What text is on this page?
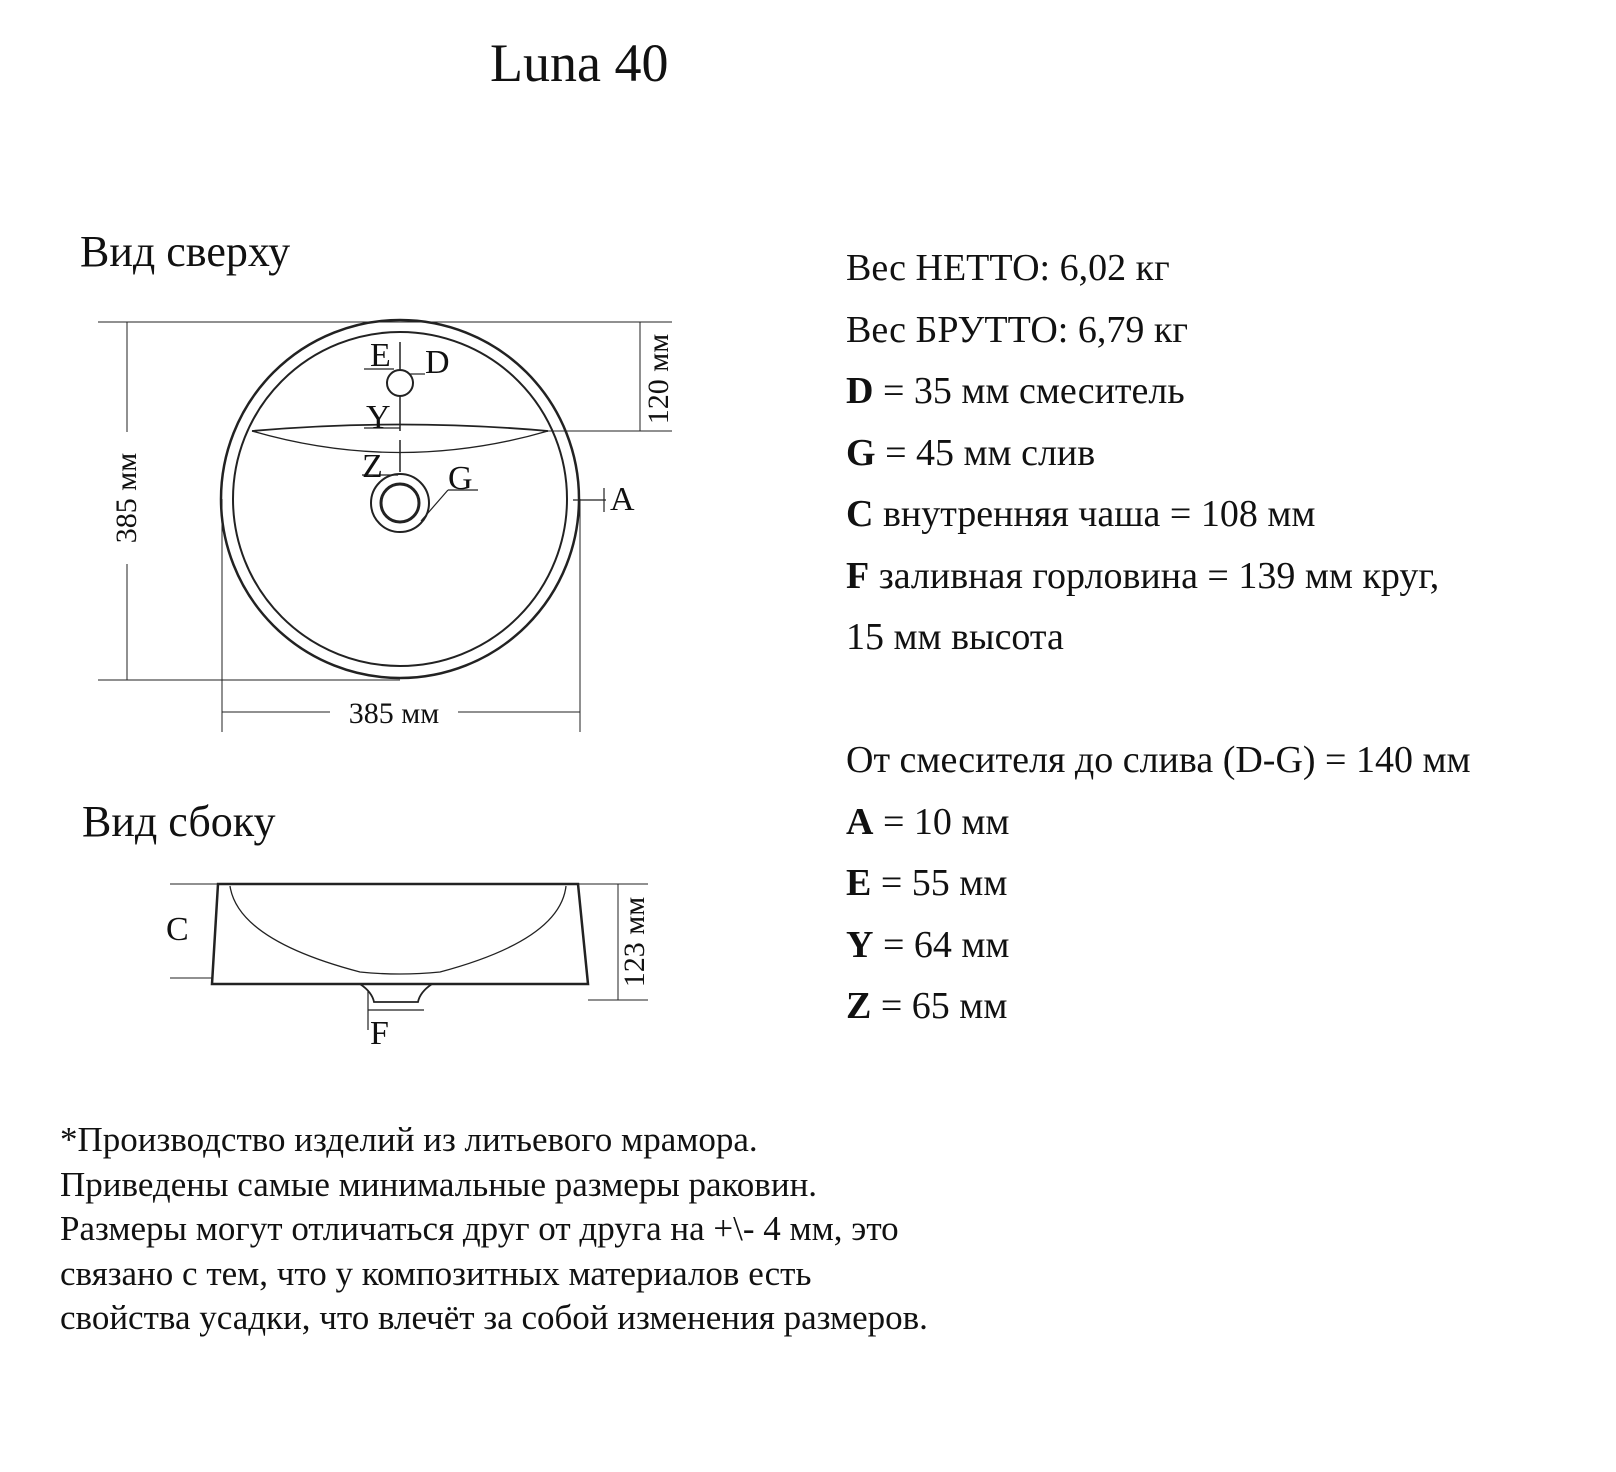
Luna 40
Вид сверху
Вид сбоку
E D
Y
Z G
A
385 мм
385 мм
120 мм
C
F
123 мм
Вес НЕТТО: 6,02 кг
Вес БРУТТО: 6,79 кг
D = 35 мм смеситель
G = 45 мм слив
C внутренняя чаша = 108 мм
F заливная горловина = 139 мм круг,
15 мм высота
От смесителя до слива (D-G) = 140 мм
A = 10 мм
E = 55 мм
Y = 64 мм
Z = 65 мм
*Производство изделий из литьевого мрамора.
Приведены самые минимальные размеры раковин.
Размеры могут отличаться друг от друга на +\- 4 мм, это
связано с тем, что у композитных материалов есть
свойства усадки, что влечёт за собой изменения размеров.
